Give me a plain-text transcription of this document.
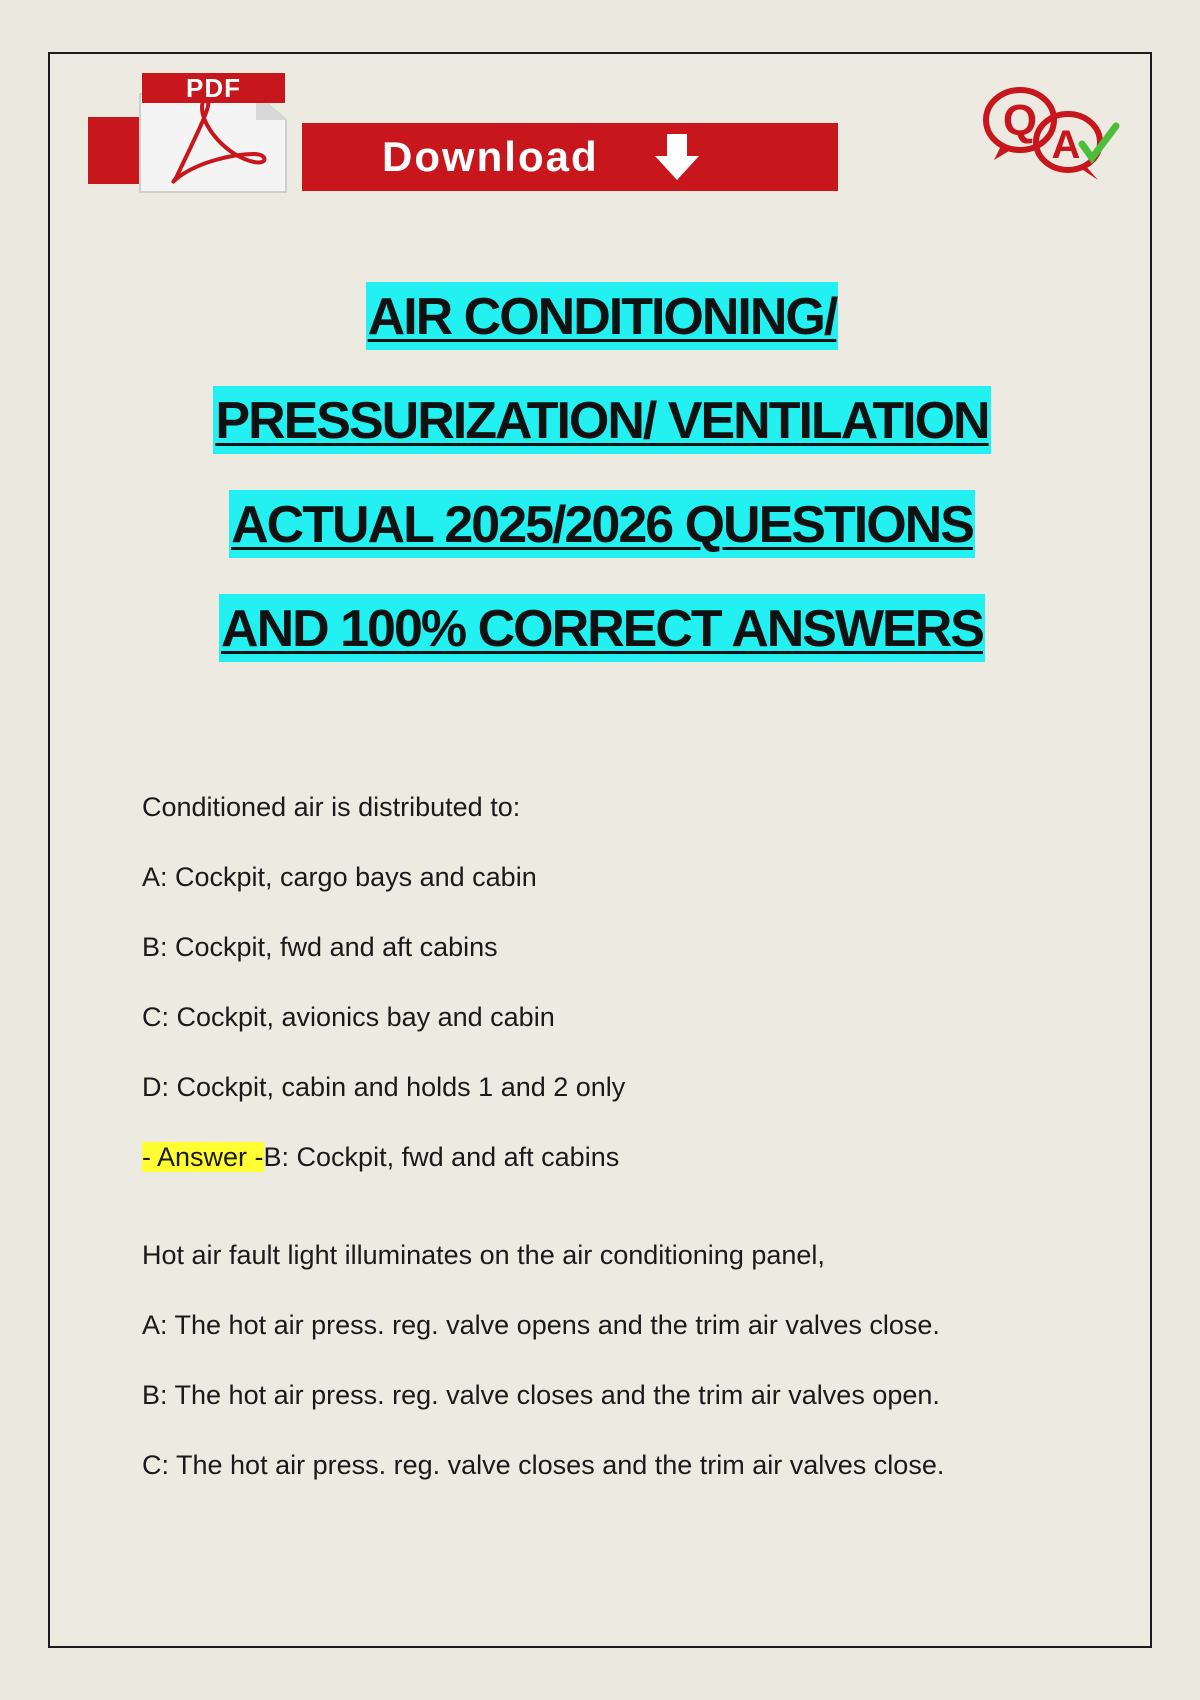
Download
PDF
Q A
AIR CONDITIONING/
PRESSURIZATION/ VENTILATION
ACTUAL 2025/2026 QUESTIONS
AND 100% CORRECT ANSWERS
Conditioned air is distributed to:
A: Cockpit, cargo bays and cabin
B: Cockpit, fwd and aft cabins
C: Cockpit, avionics bay and cabin
D: Cockpit, cabin and holds 1 and 2 only
- Answer -B: Cockpit, fwd and aft cabins
Hot air fault light illuminates on the air conditioning panel,
A: The hot air press. reg. valve opens and the trim air valves close.
B: The hot air press. reg. valve closes and the trim air valves open.
C: The hot air press. reg. valve closes and the trim air valves close.
